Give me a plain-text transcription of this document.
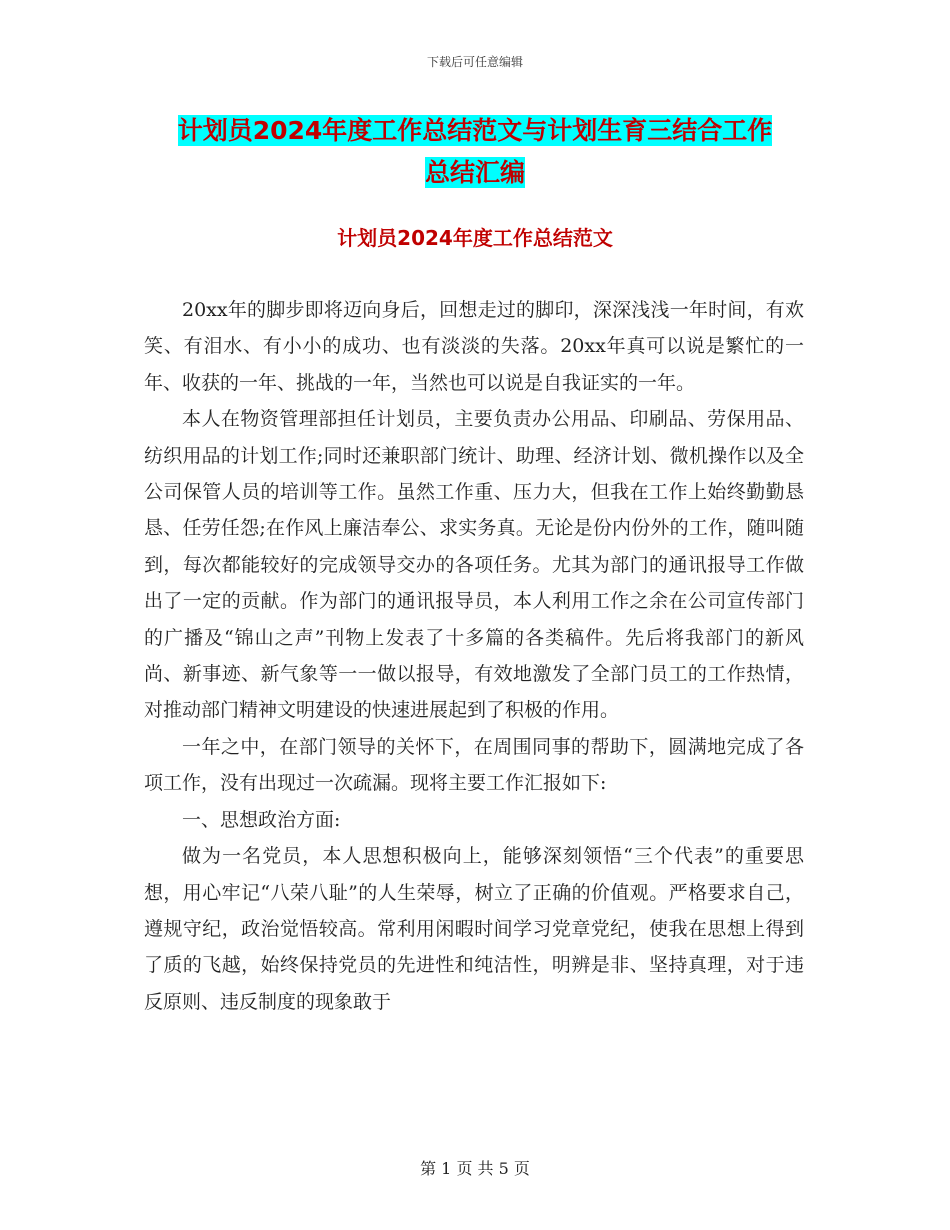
下载后可任意编辑
计划员2024年度工作总结范文与计划生育三结合工作
总结汇编
计划员2024年度工作总结范文

20xx年的脚步即将迈向身后，回想走过的脚印，深深浅浅一年时间，有欢笑、有泪水、有小小的成功、也有淡淡的失落。20xx年真可以说是繁忙的一年、收获的一年、挑战的一年，当然也可以说是自我证实的一年。

本人在物资管理部担任计划员，主要负责办公用品、印刷品、劳保用品、纺织用品的计划工作;同时还兼职部门统计、助理、经济计划、微机操作以及全公司保管人员的培训等工作。虽然工作重、压力大，但我在工作上始终勤勤恳恳、任劳任怨;在作风上廉洁奉公、求实务真。无论是份内份外的工作，随叫随到，每次都能较好的完成领导交办的各项任务。尤其为部门的通讯报导工作做出了一定的贡献。作为部门的通讯报导员，本人利用工作之余在公司宣传部门的广播及“锦山之声”刊物上发表了十多篇的各类稿件。先后将我部门的新风尚、新事迹、新气象等一一做以报导，有效地激发了全部门员工的工作热情，对推动部门精神文明建设的快速进展起到了积极的作用。

一年之中，在部门领导的关怀下，在周围同事的帮助下，圆满地完成了各项工作，没有出现过一次疏漏。现将主要工作汇报如下:

一、思想政治方面:

做为一名党员，本人思想积极向上，能够深刻领悟“三个代表”的重要思想，用心牢记“八荣八耻”的人生荣辱，树立了正确的价值观。严格要求自己，遵规守纪，政治觉悟较高。常利用闲暇时间学习党章党纪，使我在思想上得到了质的飞越，始终保持党员的先进性和纯洁性，明辨是非、坚持真理，对于违反原则、违反制度的现象敢于

第 1 页 共 5 页
